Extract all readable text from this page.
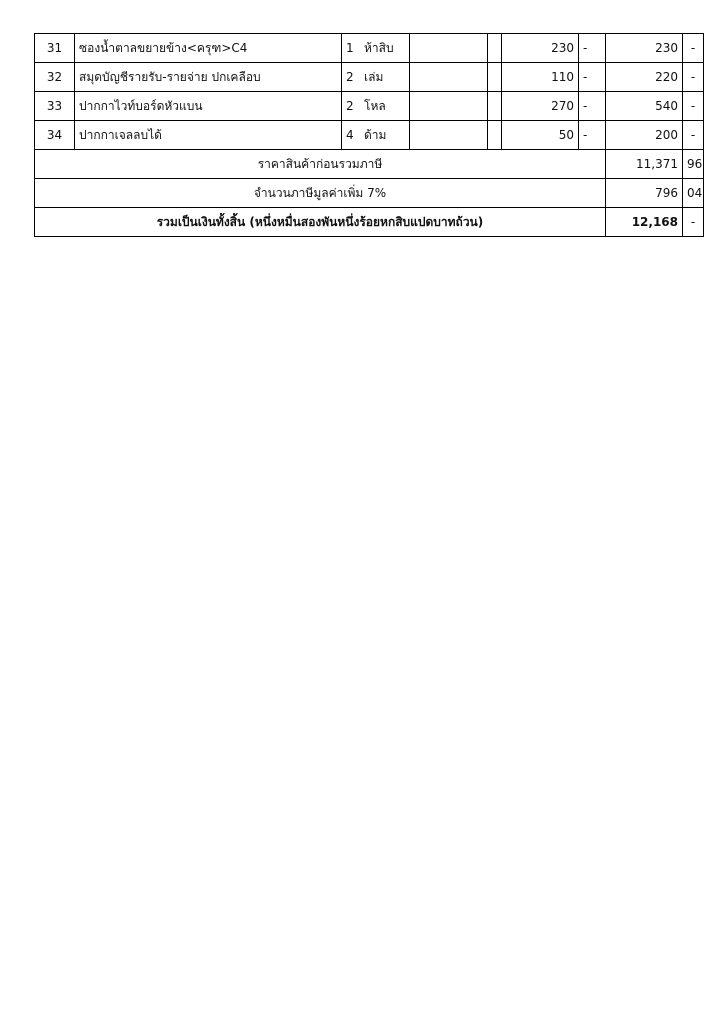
31	ซองน้ำตาลขยายข้าง<ครุฑ>C4	1 ห้าสิบ			230	-	230	-
32	สมุดบัญชีรายรับ-รายจ่าย ปกเคลือบ	2 เล่ม			110	-	220	-
33	ปากกาไวท์บอร์ดหัวแบน	2 โหล			270	-	540	-
34	ปากกาเจลลบได้	4 ด้าม			50	-	200	-
ราคาสินค้าก่อนรวมภาษี							11,371	96
จำนวนภาษีมูลค่าเพิ่ม 7%							796	04
รวมเป็นเงินทั้งสิ้น (หนึ่งหมื่นสองพันหนึ่งร้อยหกสิบแปดบาทถ้วน)							12,168	-
